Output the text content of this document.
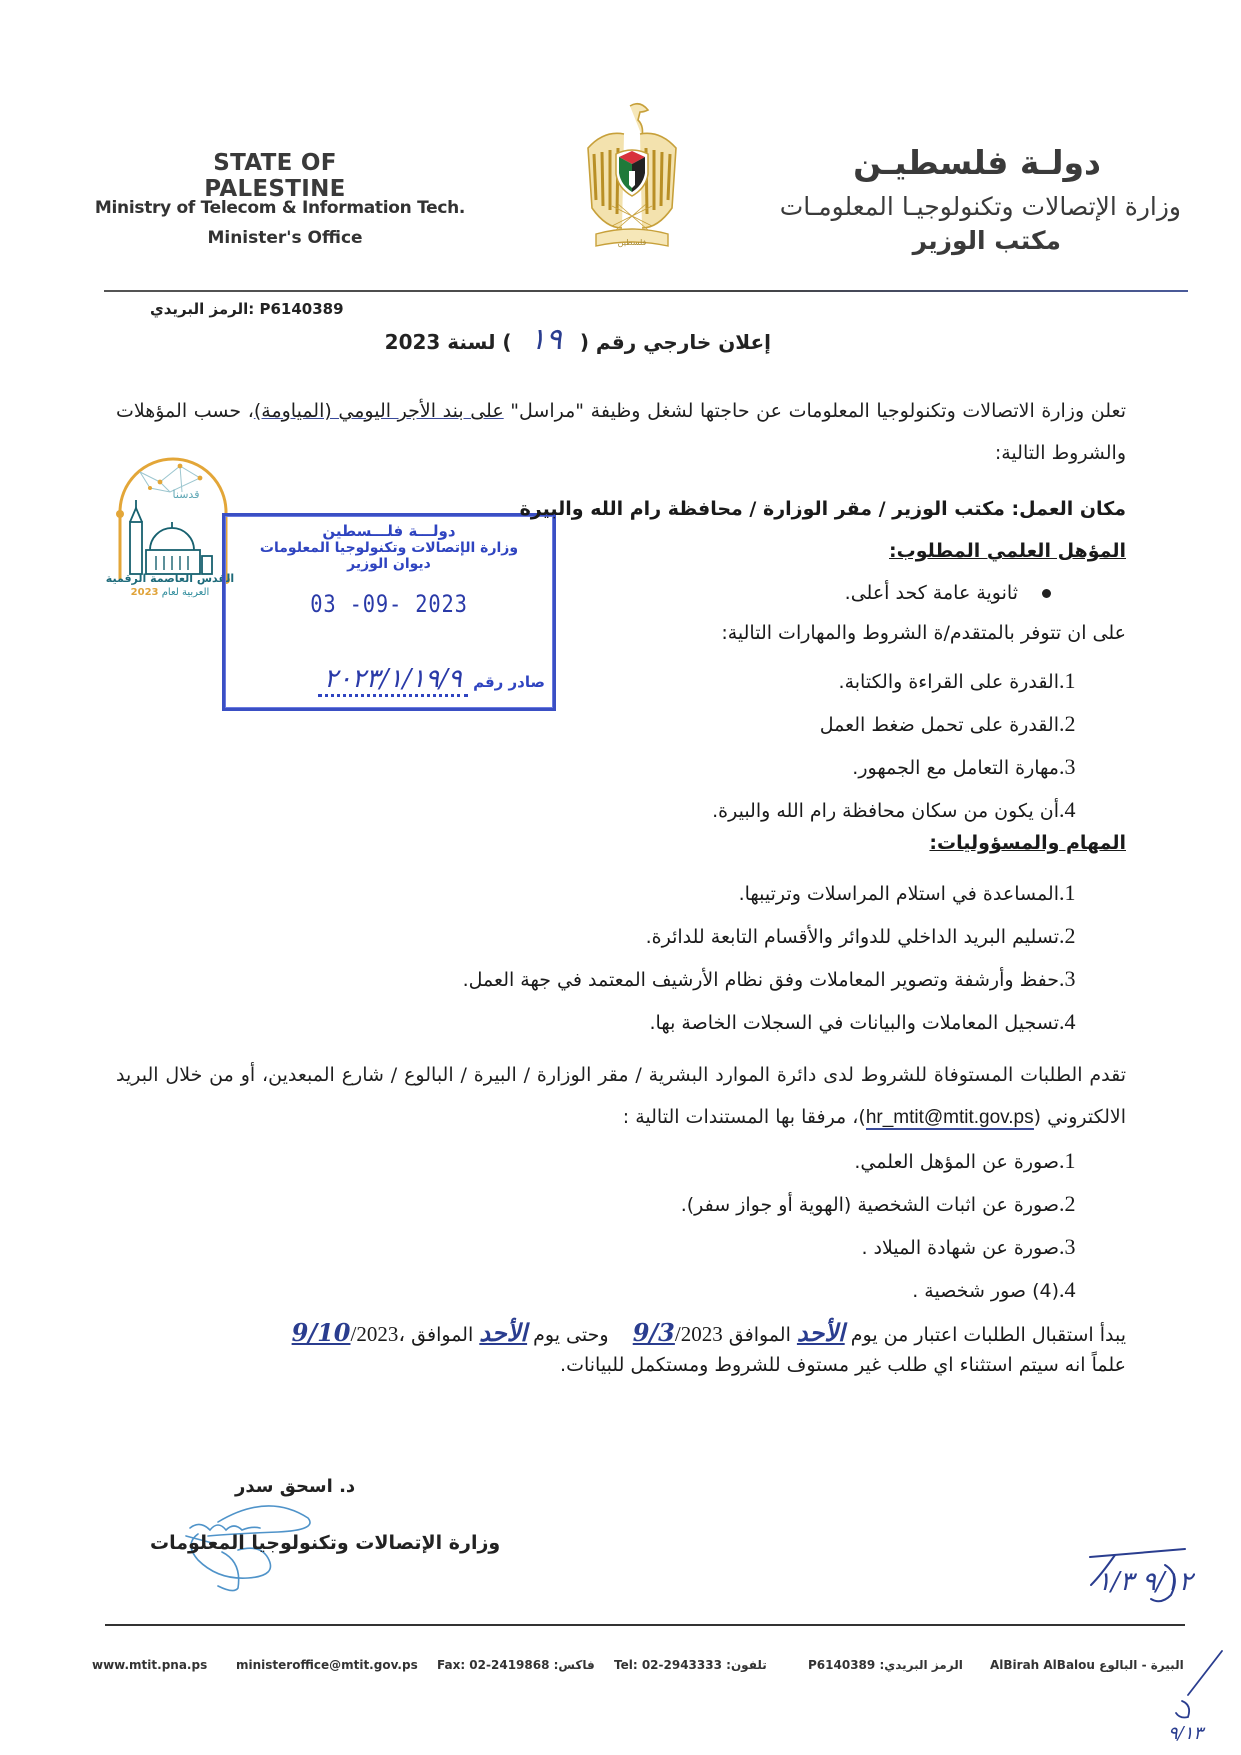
STATE OF PALESTINE
Ministry of Telecom & Information Tech.
Minister's Office
دولـة فلسطيـن
وزارة الإتصالات وتكنولوجيـا المعلومـات
مكتب الوزير
فلسطين
الرمز البريدي: P6140389
إعلان خارجي رقم (١٩) لسنة 2023
تعلن وزارة الاتصالات وتكنولوجيا المعلومات عن حاجتها لشغل وظيفة "مراسل" على بند الأجر اليومي (المياومة)، حسب المؤهلات والشروط التالية:
قدسنا
القدس العاصمة الرقمية
العربية لعام 2023
دولـــة فلـــسطين
وزارة الإتصالات وتكنولوجيا المعلومات
ديوان الوزير
03 -09- 2023
صادر رقم ٢٠٢٣/١/١٩/٩
مكان العمل: مكتب الوزير / مقر الوزارة / محافظة رام الله والبيرة
المؤهل العلمي المطلوب:
ثانوية عامة كحد أعلى.
على ان تتوفر بالمتقدم/ة الشروط والمهارات التالية:
1.القدرة على القراءة والكتابة.
2.القدرة على تحمل ضغط العمل
3.مهارة التعامل مع الجمهور.
4.أن يكون من سكان محافظة رام الله والبيرة.
المهام والمسؤوليات:
1.المساعدة في استلام المراسلات وترتيبها.
2.تسليم البريد الداخلي للدوائر والأقسام التابعة للدائرة.
3.حفظ وأرشفة وتصوير المعاملات وفق نظام الأرشيف المعتمد في جهة العمل.
4.تسجيل المعاملات والبيانات في السجلات الخاصة بها.
تقدم الطلبات المستوفاة للشروط لدى دائرة الموارد البشرية / مقر الوزارة / البيرة / البالوع / شارع المبعدين، أو من خلال البريد الالكتروني (hr_mtit@mtit.gov.ps)، مرفقا بها المستندات التالية :
1.صورة عن المؤهل العلمي.
2.صورة عن اثبات الشخصية (الهوية أو جواز سفر).
3.صورة عن شهادة الميلاد .
4.(4) صور شخصية .
يبدأ استقبال الطلبات اعتبار من يوم الأحد الموافق 9/3/2023    وحتى يوم الأحد الموافق 9/10/2023،
علماً انه سيتم استثناء اي طلب غير مستوف للشروط ومستكمل للبيانات.
د. اسحق سدر
وزارة الإتصالات وتكنولوجيا المعلومات
٩/١٢ ١/٣
٩/١٣
www.mtit.pna.ps ministeroffice@mtit.gov.ps Fax: 02-2419868 فاكس: Tel: 02-2943333 تلفون:	P6140389 الرمز البريدي: AlBirah AlBalou البيرة - البالوع
